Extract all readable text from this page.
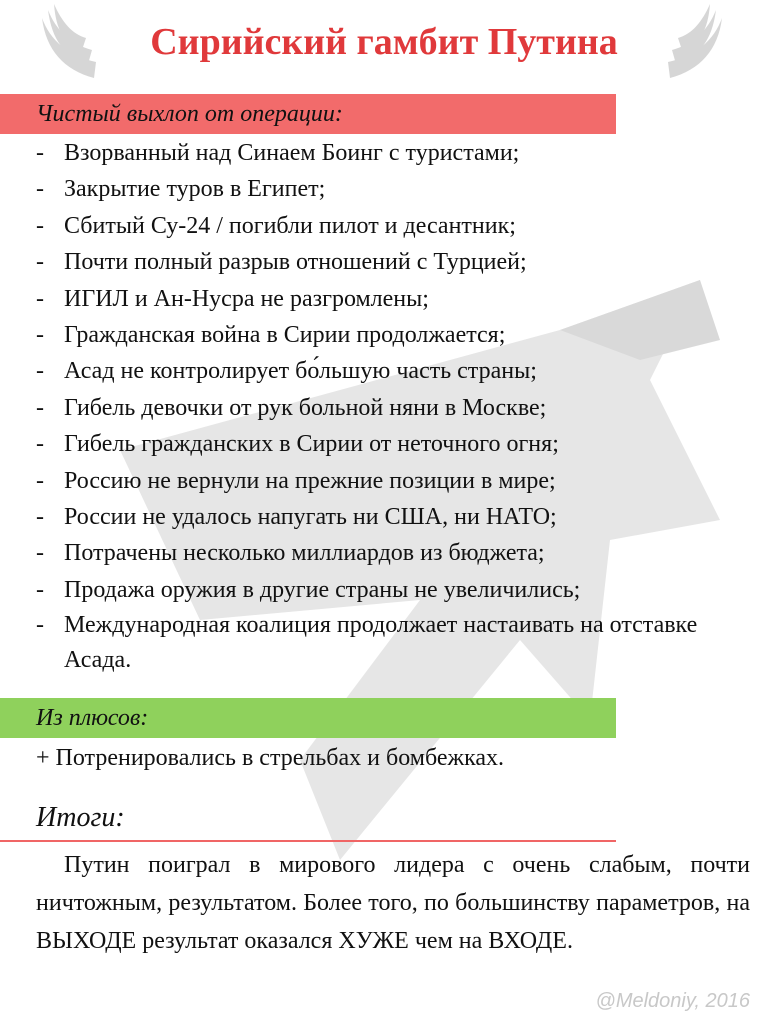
Сирийский гамбит Путина
Чистый выхлоп от операции:
- Взорванный над Синаем Боинг с туристами;
- Закрытие туров в Египет;
- Сбитый Су-24 / погибли пилот и десантник;
- Почти полный разрыв отношений с Турцией;
- ИГИЛ и Ан-Нусра не разгромлены;
- Гражданская война в Сирии продолжается;
- Асад не контролирует бо́льшую часть страны;
- Гибель девочки от рук больной няни в Москве;
- Гибель гражданских в Сирии от неточного огня;
- Россию не вернули на прежние позиции в мире;
- России не удалось напугать ни США, ни НАТО;
- Потрачены несколько миллиардов из бюджета;
- Продажа оружия в другие страны не увеличились;
- Международная коалиция продолжает настаивать на отставке Асада.
Из плюсов:
+ Потренировались в стрельбах и бомбежках.
Итоги:

Путин поиграл в мирового лидера с очень слабым, почти ничтожным, результатом. Более того, по большинству параметров, на ВЫХОДЕ результат оказался ХУЖЕ чем на ВХОДЕ.

@Meldoniy, 2016
